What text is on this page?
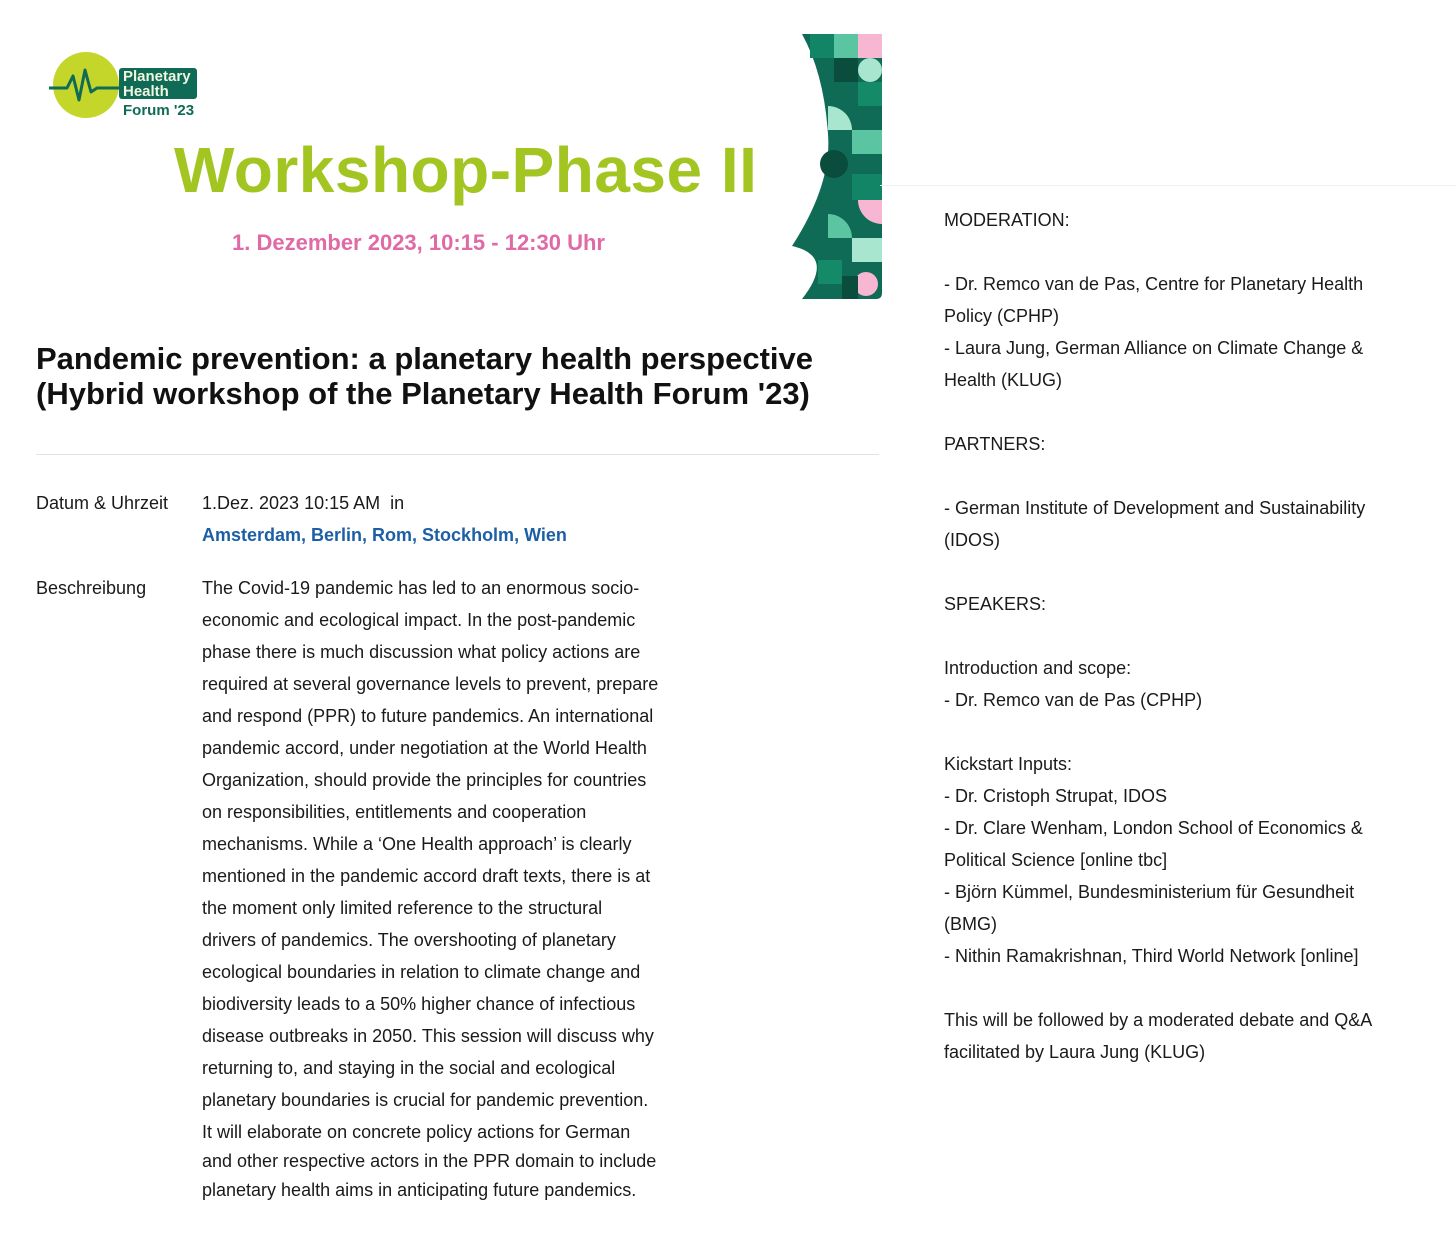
Planetary
Health
Forum '23
Workshop-Phase II
1. Dezember 2023, 10:15 - 12:30 Uhr
Pandemic prevention: a planetary health perspective
(Hybrid workshop of the Planetary Health Forum '23)
Datum & Uhrzeit 1.Dez. 2023 10:15 AM  in
Amsterdam, Berlin, Rom, Stockholm, Wien
Beschreibung	The Covid-19 pandemic has led to an enormous socio-

economic and ecological impact. In the post-pandemic

phase there is much discussion what policy actions are

required at several governance levels to prevent, prepare

and respond (PPR) to future pandemics. An international

pandemic accord, under negotiation at the World Health

Organization, should provide the principles for countries

on responsibilities, entitlements and cooperation

mechanisms. While a ‘One Health approach’ is clearly

mentioned in the pandemic accord draft texts, there is at

the moment only limited reference to the structural

drivers of pandemics. The overshooting of planetary

ecological boundaries in relation to climate change and

biodiversity leads to a 50% higher chance of infectious

disease outbreaks in 2050. This session will discuss why

returning to, and staying in the social and ecological

planetary boundaries is crucial for pandemic prevention.

It will elaborate on concrete policy actions for German

and other respective actors in the PPR domain to include

planetary health aims in anticipating future pandemics.

MODERATION:

- Dr. Remco van de Pas, Centre for Planetary Health

Policy (CPHP)

- Laura Jung, German Alliance on Climate Change &

Health (KLUG)

PARTNERS:

- German Institute of Development and Sustainability

(IDOS)

SPEAKERS:

Introduction and scope:

- Dr. Remco van de Pas (CPHP)

Kickstart Inputs:

- Dr. Cristoph Strupat, IDOS

- Dr. Clare Wenham, London School of Economics &

Political Science [online tbc]

- Björn Kümmel, Bundesministerium für Gesundheit

(BMG)

- Nithin Ramakrishnan, Third World Network [online]

This will be followed by a moderated debate and Q&A

facilitated by Laura Jung (KLUG)
